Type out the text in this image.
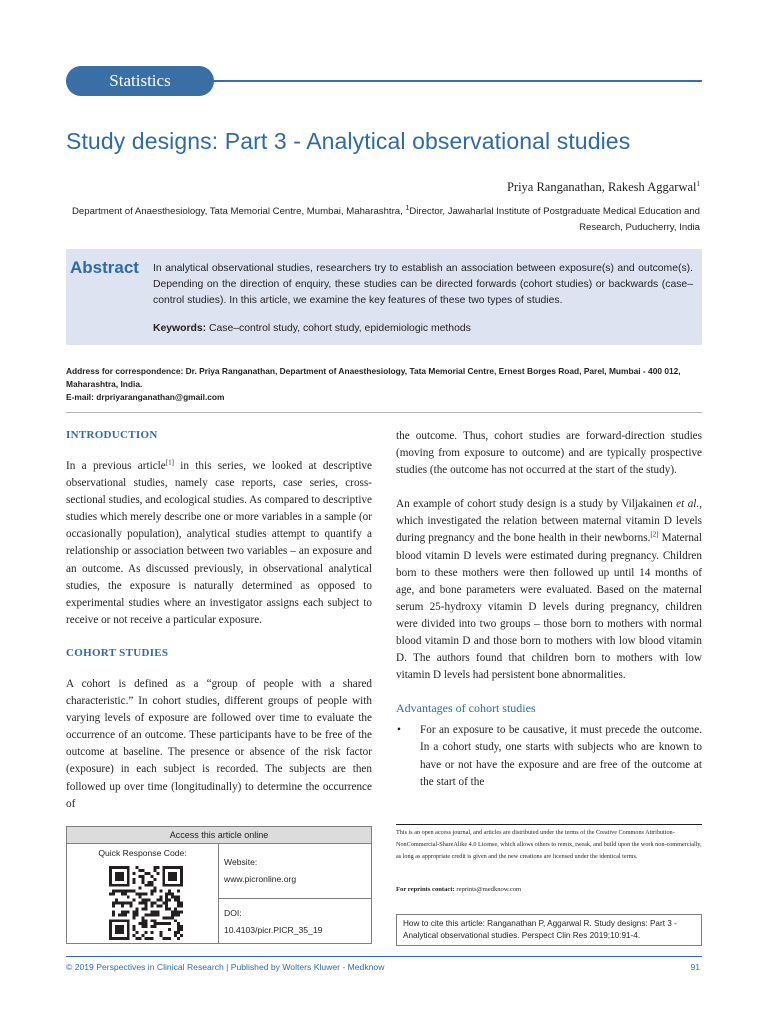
Statistics
Study designs: Part 3 - Analytical observational studies
Priya Ranganathan, Rakesh Aggarwal$^1$
Department of Anaesthesiology, Tata Memorial Centre, Mumbai, Maharashtra, $^1$Director, Jawaharlal Institute of Postgraduate Medical Education and Research, Puducherry, India
Abstract In analytical observational studies, researchers try to establish an association between exposure(s) and outcome(s). Depending on the direction of enquiry, these studies can be directed forwards (cohort studies) or backwards (case–control studies). In this article, we examine the key features of these two types of studies.
Keywords: Case–control study, cohort study, epidemiologic methods
Address for correspondence: Dr. Priya Ranganathan, Department of Anaesthesiology, Tata Memorial Centre, Ernest Borges Road, Parel, Mumbai - 400 012, Maharashtra, India.
E-mail: drpriyaranganathan@gmail.com
INTRODUCTION

In a previous article[1] in this series, we looked at descriptive observational studies, namely case reports, case series, cross-sectional studies, and ecological studies. As compared to descriptive studies which merely describe one or more variables in a sample (or occasionally population), analytical studies attempt to quantify a relationship or association between two variables – an exposure and an outcome. As discussed previously, in observational analytical studies, the exposure is naturally determined as opposed to experimental studies where an investigator assigns each subject to receive or not receive a particular exposure.

COHORT STUDIES

A cohort is defined as a “group of people with a shared characteristic.” In cohort studies, different groups of people with varying levels of exposure are followed over time to evaluate the occurrence of an outcome. These participants have to be free of the outcome at baseline. The presence or absence of the risk factor (exposure) in each subject is recorded. The subjects are then followed up over time (longitudinally) to determine the occurrence of

the outcome. Thus, cohort studies are forward-direction studies (moving from exposure to outcome) and are typically prospective studies (the outcome has not occurred at the start of the study).

An example of cohort study design is a study by Viljakainen et al., which investigated the relation between maternal vitamin D levels during pregnancy and the bone health in their newborns.[2] Maternal blood vitamin D levels were estimated during pregnancy. Children born to these mothers were then followed up until 14 months of age, and bone parameters were evaluated. Based on the maternal serum 25-hydroxy vitamin D levels during pregnancy, children were divided into two groups – those born to mothers with normal blood vitamin D and those born to mothers with low blood vitamin D. The authors found that children born to mothers with low vitamin D levels had persistent bone abnormalities.

Advantages of cohort studies
•	For an exposure to be causative, it must precede the outcome. In a cohort study, one starts with subjects who are known to have or not have the exposure and are free of the outcome at the start of the
Access this article online
Quick Response Code:
Website:
www.picronline.org
DOI:
10.4103/picr.PICR_35_19
This is an open access journal, and articles are distributed under the terms of the Creative Commons Attribution-NonCommercial-ShareAlike 4.0 License, which allows others to remix, tweak, and build upon the work non-commercially, as long as appropriate credit is given and the new creations are licensed under the identical terms.
For reprints contact: reprints@medknow.com
How to cite this article: Ranganathan P, Aggarwal R. Study designs: Part 3 - Analytical observational studies. Perspect Clin Res 2019;10:91-4.
© 2019 Perspectives in Clinical Research | Published by Wolters Kluwer - Medknow	91
